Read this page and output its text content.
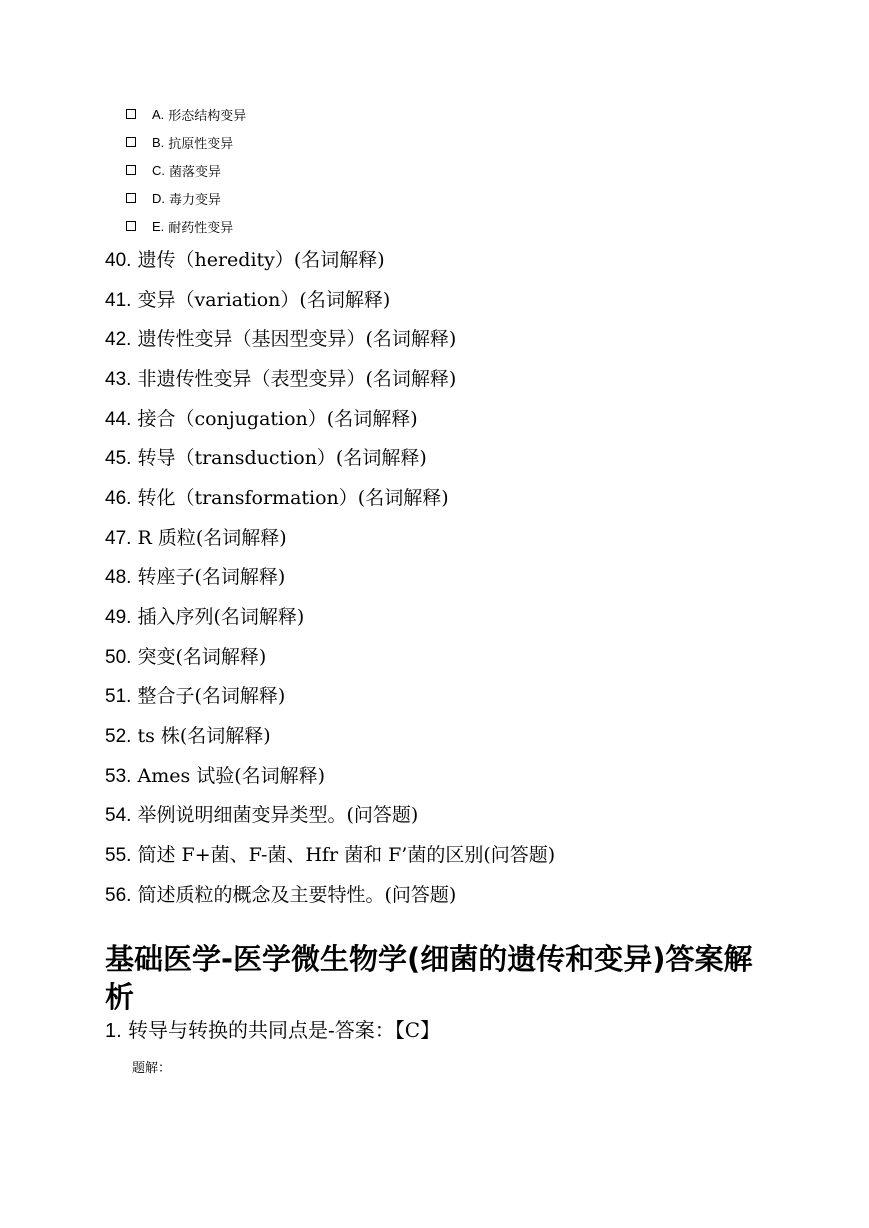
A. 形态结构变异
B. 抗原性变异
C. 菌落变异
D. 毒力变异
E. 耐药性变异
40. 遗传（heredity）(名词解释)
41. 变异（variation）(名词解释)
42. 遗传性变异（基因型变异）(名词解释)
43. 非遗传性变异（表型变异）(名词解释)
44. 接合（conjugation）(名词解释)
45. 转导（transduction）(名词解释)
46. 转化（transformation）(名词解释)
47. R 质粒(名词解释)
48. 转座子(名词解释)
49. 插入序列(名词解释)
50. 突变(名词解释)
51. 整合子(名词解释)
52. ts 株(名词解释)
53. Ames 试验(名词解释)
54. 举例说明细菌变异类型。(问答题)
55. 简述 F+菌、F-菌、Hfr 菌和 F’菌的区别(问答题)
56. 简述质粒的概念及主要特性。(问答题)
基础医学-医学微生物学(细菌的遗传和变异)答案解析
1. 转导与转换的共同点是-答案：【C】
题解：
